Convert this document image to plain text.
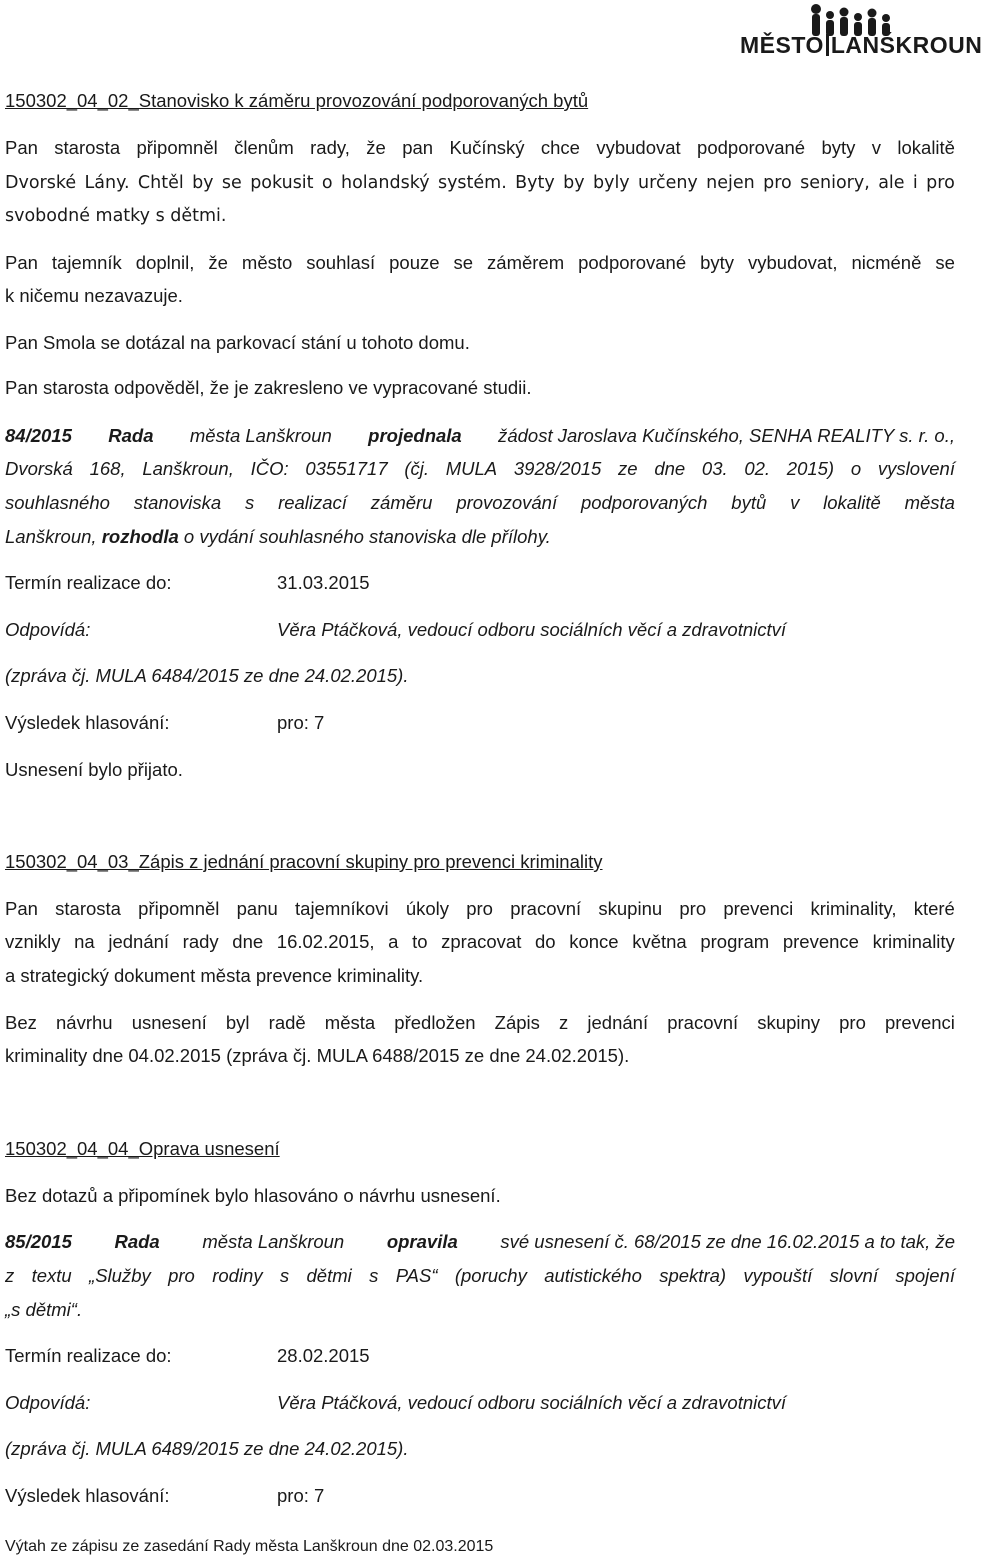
MĚSTO LANŠKROUN
150302_04_02_Stanovisko k záměru provozování podporovaných bytů
Pan starosta připomněl členům rady, že pan Kučínský chce vybudovat podporované byty v lokalitě
Dvorské Lány. Chtěl by se pokusit o holandský systém. Byty by byly určeny nejen pro seniory, ale i pro
svobodné matky s dětmi.
Pan tajemník doplnil, že město souhlasí pouze se záměrem podporované byty vybudovat, nicméně se
k ničemu nezavazuje.
Pan Smola se dotázal na parkovací stání u tohoto domu.
Pan starosta odpověděl, že je zakresleno ve vypracované studii.
84/2015 Rada města Lanškroun projednala žádost Jaroslava Kučínského, SENHA REALITY s. r. o.,
Dvorská 168, Lanškroun, IČO: 03551717 (čj. MULA 3928/2015 ze dne 03. 02. 2015) o vyslovení
souhlasného stanoviska s realizací záměru provozování podporovaných bytů v lokalitě města
Lanškroun, rozhodla o vydání souhlasného stanoviska dle přílohy.
Termín realizace do:	31.03.2015
Odpovídá:	Věra Ptáčková, vedoucí odboru sociálních věcí a zdravotnictví
(zpráva čj. MULA 6484/2015 ze dne 24.02.2015).
Výsledek hlasování:	pro: 7
Usnesení bylo přijato.
150302_04_03_Zápis z jednání pracovní skupiny pro prevenci kriminality
Pan starosta připomněl panu tajemníkovi úkoly pro pracovní skupinu pro prevenci kriminality, které
vznikly na jednání rady dne 16.02.2015, a to zpracovat do konce května program prevence kriminality
a strategický dokument města prevence kriminality.
Bez návrhu usnesení byl radě města předložen Zápis z jednání pracovní skupiny pro prevenci
kriminality dne 04.02.2015 (zpráva čj. MULA 6488/2015 ze dne 24.02.2015).
150302_04_04_Oprava usnesení
Bez dotazů a připomínek bylo hlasováno o návrhu usnesení.
85/2015 Rada města Lanškroun opravila své usnesení č. 68/2015 ze dne 16.02.2015 a to tak, že
z textu „Služby pro rodiny s dětmi s PAS“ (poruchy autistického spektra) vypouští slovní spojení
„s dětmi“.
Termín realizace do:	28.02.2015
Odpovídá:	Věra Ptáčková, vedoucí odboru sociálních věcí a zdravotnictví
(zpráva čj. MULA 6489/2015 ze dne 24.02.2015).
Výsledek hlasování:	pro: 7
Výtah ze zápisu ze zasedání Rady města Lanškroun dne 02.03.2015
